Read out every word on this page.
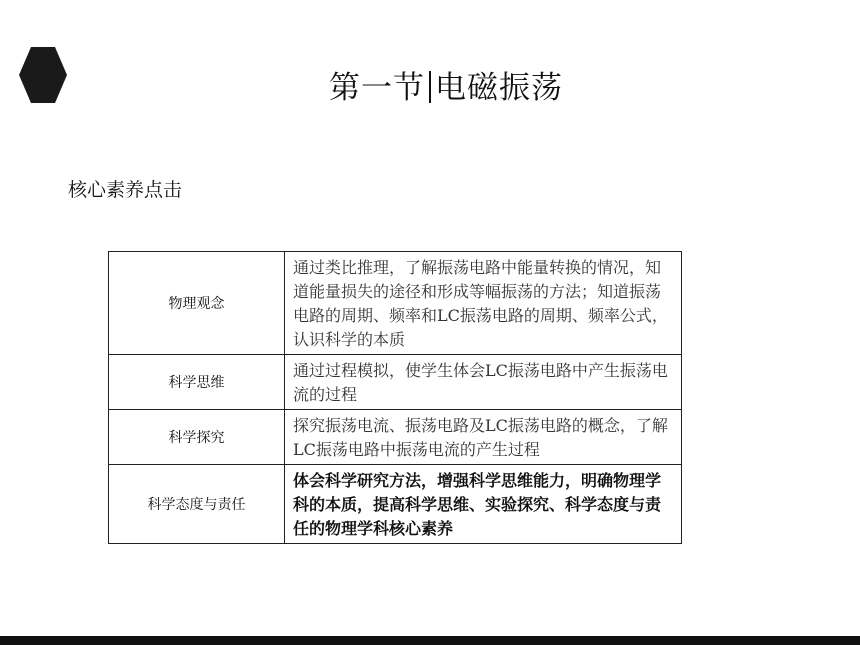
第一节 电磁振荡
核心素养点击
物理观念	通过类比推理，了解振荡电路中能量转换的情况，知道能量损失的途径和形成等幅振荡的方法；知道振荡电路的周期、频率和LC振荡电路的周期、频率公式，认识科学的本质
科学思维	通过过程模拟，使学生体会LC振荡电路中产生振荡电流的过程
科学探究	探究振荡电流、振荡电路及LC振荡电路的概念，了解LC振荡电路中振荡电流的产生过程
科学态度与责任	体会科学研究方法，增强科学思维能力，明确物理学科的本质，提高科学思维、实验探究、科学态度与责任的物理学科核心素养
